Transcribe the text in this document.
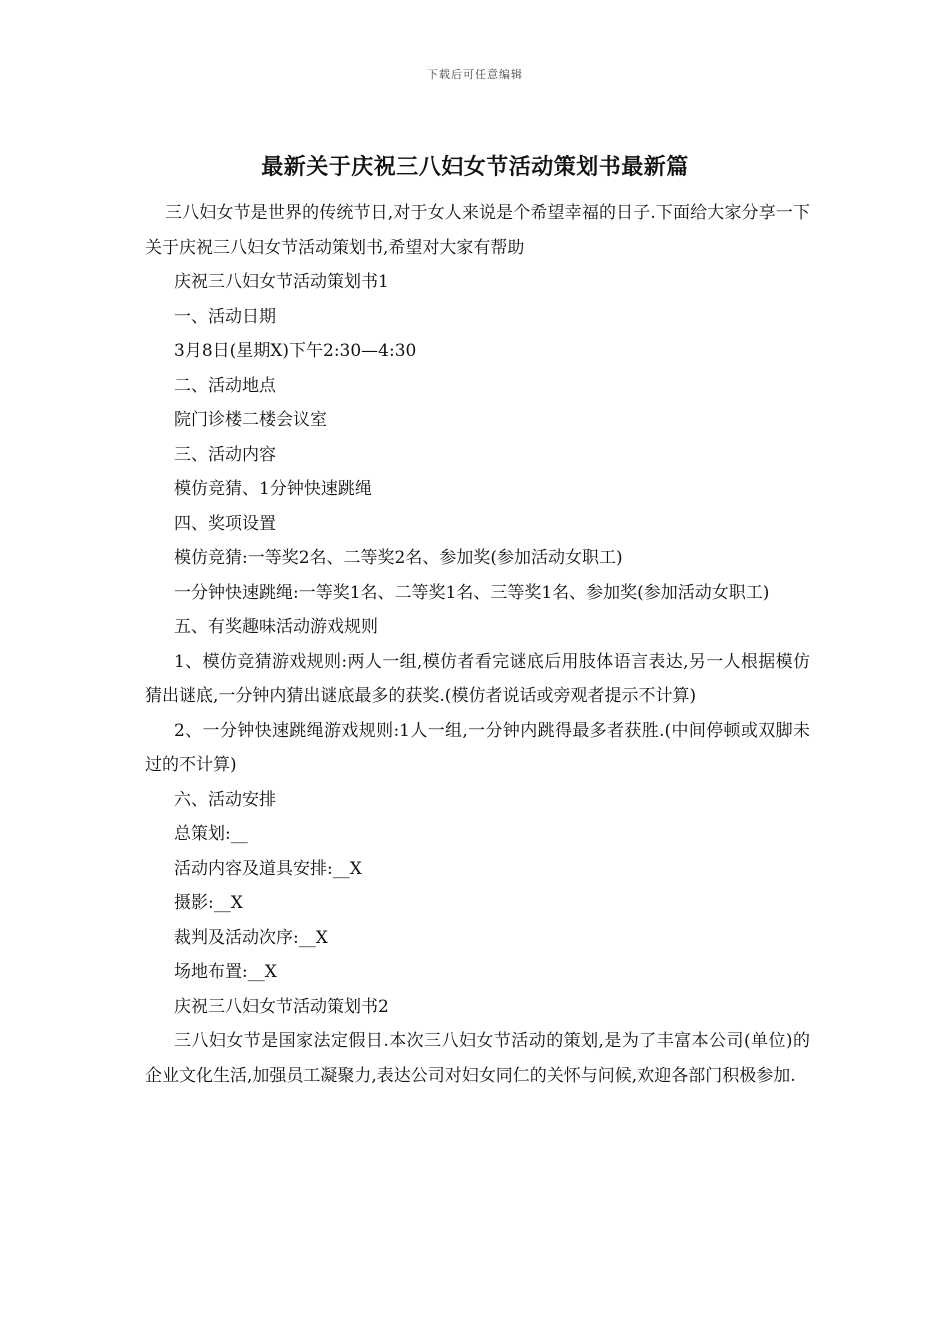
下载后可任意编辑
最新关于庆祝三八妇女节活动策划书最新篇

三八妇女节是世界的传统节日,对于女人来说是个希望幸福的日子.下面给大家分享一下关于庆祝三八妇女节活动策划书,希望对大家有帮助

庆祝三八妇女节活动策划书1

一、活动日期

3月8日(星期X)下午2:30—4:30

二、活动地点

院门诊楼二楼会议室

三、活动内容

模仿竞猜、1分钟快速跳绳

四、奖项设置

模仿竞猜:一等奖2名、二等奖2名、参加奖(参加活动女职工)

一分钟快速跳绳:一等奖1名、二等奖1名、三等奖1名、参加奖(参加活动女职工)

五、有奖趣味活动游戏规则

1、模仿竞猜游戏规则:两人一组,模仿者看完谜底后用肢体语言表达,另一人根据模仿猜出谜底,一分钟内猜出谜底最多的获奖.(模仿者说话或旁观者提示不计算)

2、一分钟快速跳绳游戏规则:1人一组,一分钟内跳得最多者获胜.(中间停顿或双脚未过的不计算)

六、活动安排

总策划:__

活动内容及道具安排:__X

摄影:__X

裁判及活动次序:__X

场地布置:__X

庆祝三八妇女节活动策划书2

三八妇女节是国家法定假日.本次三八妇女节活动的策划,是为了丰富本公司(单位)的企业文化生活,加强员工凝聚力,表达公司对妇女同仁的关怀与问候,欢迎各部门积极参加.
